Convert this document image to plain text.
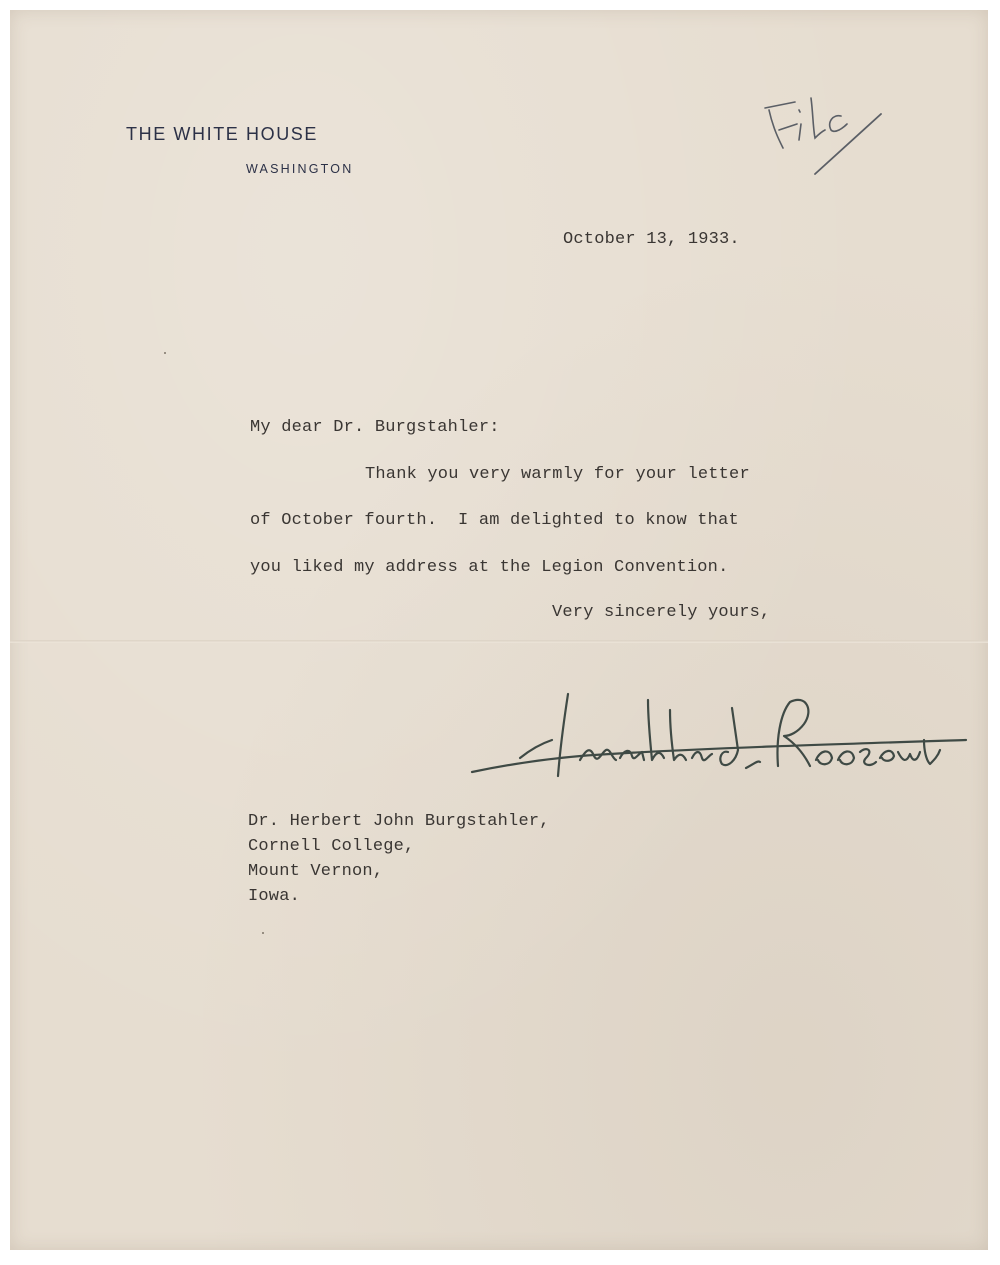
THE WHITE HOUSE
WASHINGTON
October 13, 1933.
My dear Dr. Burgstahler:
Thank you very warmly for your letter
of October fourth.  I am delighted to know that
you liked my address at the Legion Convention.
Very sincerely yours,
Dr. Herbert John Burgstahler,
Cornell College,
Mount Vernon,
Iowa.
